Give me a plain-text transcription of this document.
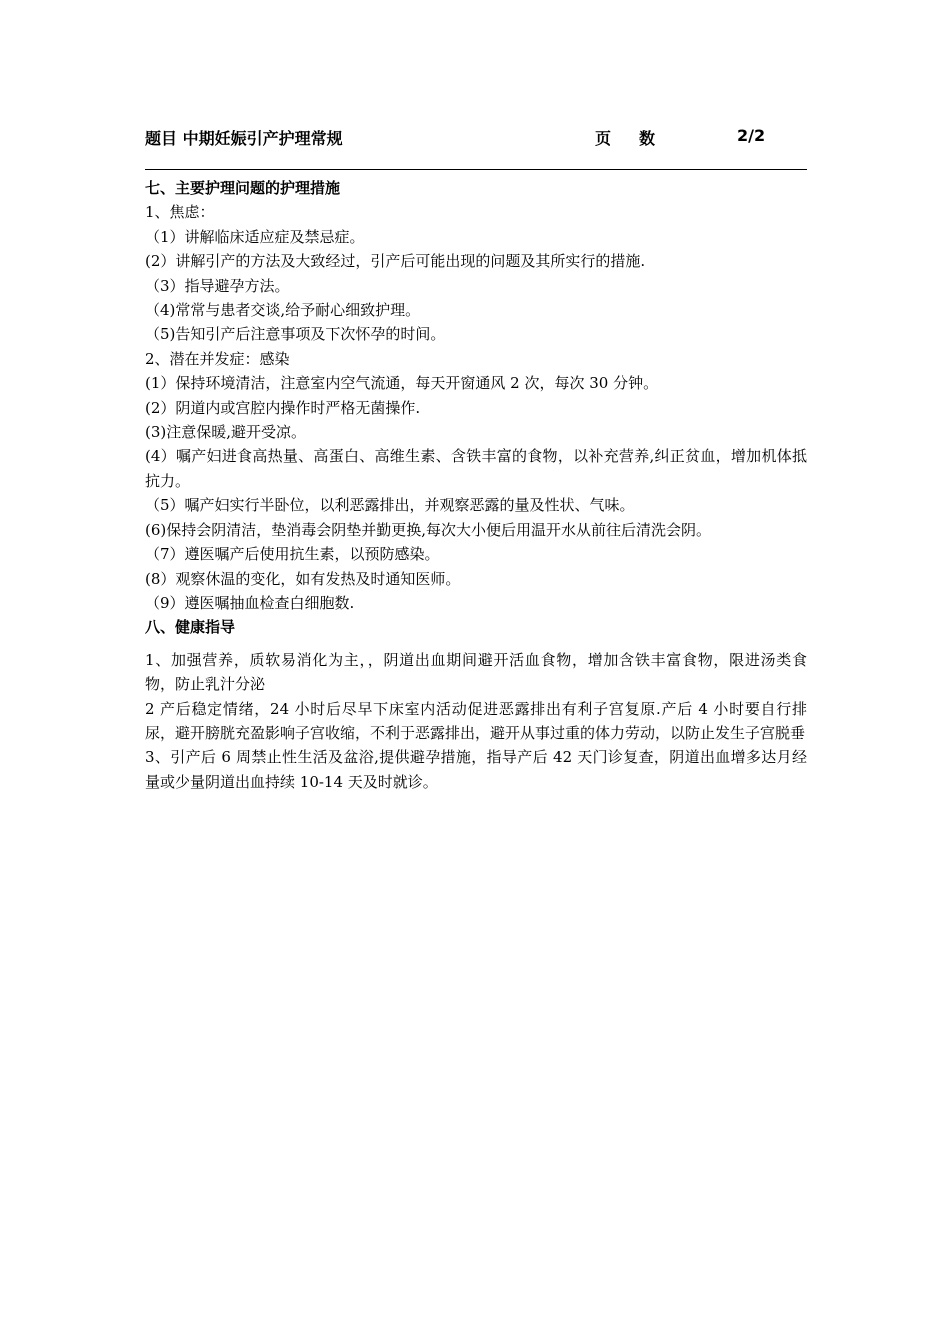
题目 中期妊娠引产护理常规	页数	2/2
七、主要护理问题的护理措施
1、焦虑：
（1）讲解临床适应症及禁忌症。
(2）讲解引产的方法及大致经过，引产后可能出现的问题及其所实行的措施.
（3）指导避孕方法。
（4)常常与患者交谈,给予耐心细致护理。
（5)告知引产后注意事项及下次怀孕的时间。
2、潜在并发症：感染
(1）保持环境清洁，注意室内空气流通，每天开窗通风 2 次，每次 30 分钟。
(2）阴道内或宫腔内操作时严格无菌操作.
(3)注意保暖,避开受凉。
(4）嘱产妇进食高热量、高蛋白、高维生素、含铁丰富的食物，以补充营养,纠正贫血，增加机体抵抗力。
（5）嘱产妇实行半卧位，以利恶露排出，并观察恶露的量及性状、气味。
(6)保持会阴清洁，垫消毒会阴垫并勤更换,每次大小便后用温开水从前往后清洗会阴。
（7）遵医嘱产后使用抗生素，以预防感染。
(8）观察休温的变化，如有发热及时通知医师。
（9）遵医嘱抽血检查白细胞数.
八、健康指导
1、加强营养，质软易消化为主，，阴道出血期间避开活血食物，增加含铁丰富食物，限进汤类食物，防止乳汁分泌
2 产后稳定情绪，24 小时后尽早下床室内活动促进恶露排出有利子宫复原.产后 4 小时要自行排尿，避开膀胱充盈影响子宫收缩，不利于恶露排出，避开从事过重的体力劳动，以防止发生子宫脱垂
3、引产后 6 周禁止性生活及盆浴,提供避孕措施，指导产后 42 天门诊复查，阴道出血增多达月经量或少量阴道出血持续 10-14 天及时就诊。
